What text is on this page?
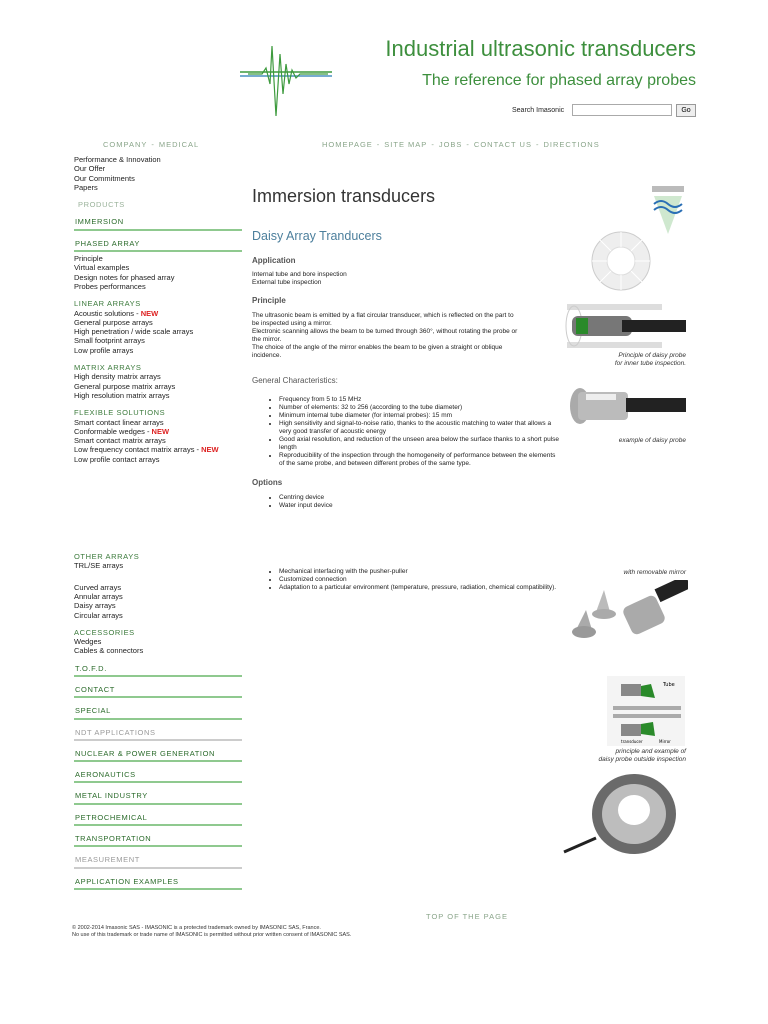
Industrial ultrasonic transducers
The reference for phased array probes
Search Imasonic	Go
COMPANY - MEDICAL	HOMEPAGE - SITE MAP - JOBS - CONTACT US - DIRECTIONS
Performance & Innovation
Our Offer
Our Commitments
Papers
PRODUCTS
IMMERSION
PHASED ARRAY
Principle
Virtual examples
Design notes for phased array
Probes performances
LINEAR ARRAYS
Acoustic solutions - NEW
General purpose arrays
High penetration / wide scale arrays
Small footprint arrays
Low profile arrays
MATRIX ARRAYS
High density matrix arrays
General purpose matrix arrays
High resolution matrix arrays
FLEXIBLE SOLUTIONS
Smart contact linear arrays
Conformable wedges - NEW
Smart contact matrix arrays
Low frequency contact matrix arrays - NEW
Low profile contact arrays
OTHER ARRAYS
TRL/SE arrays
Curved arrays
Annular arrays
Daisy arrays
Circular arrays
ACCESSORIES
Wedges
Cables & connectors
T.O.F.D.
CONTACT
SPECIAL
NDT APPLICATIONS
NUCLEAR & POWER GENERATION
AERONAUTICS
METAL INDUSTRY
PETROCHEMICAL
TRANSPORTATION
MEASUREMENT
APPLICATION EXAMPLES
Immersion transducers
Daisy Array Tranducers
Application
Internal tube and bore inspection
External tube inspection
Principle
The ultrasonic beam is emitted by a flat circular transducer, which is reflected on the part to
be inspected using a mirror.
Electronic scanning allows the beam to be turned through 360°, without rotating the probe or
the mirror.
The choice of the angle of the mirror enables the beam to be given a straight or oblique
incidence.
General Characteristics:
• Frequency from 5 to 15 MHz
• Number of elements: 32 to 256 (according to the tube diameter)
• Minimum internal tube diameter (for internal probes): 15 mm
• High sensitivity and signal-to-noise ratio, thanks to the acoustic matching to water that allows a very good transfer of acoustic energy
• Good axial resolution, and reduction of the unseen area below the surface thanks to a short pulse length
• Reproducibility of the inspection through the homogeneity of performance between the elements of the same probe, and between different probes of the same type.
Options
• Centring device
• Water input device
• Mechanical interfacing with the pusher-puller
• Customized connection
• Adaptation to a particular environment (temperature, pressure, radiation, chemical compatibility).
Principle of daisy probe
for inner tube inspection.
example of daisy probe
with removable mirror
Tube
transducer	Mirror
principle and example of
daisy probe outside inspection
TOP OF THE PAGE
© 2002-2014 Imasonic SAS - IMASONIC is a protected trademark owned by IMASONIC SAS, France.
No use of this trademark or trade name of IMASONIC is permitted without prior written consent of IMASONIC SAS.
